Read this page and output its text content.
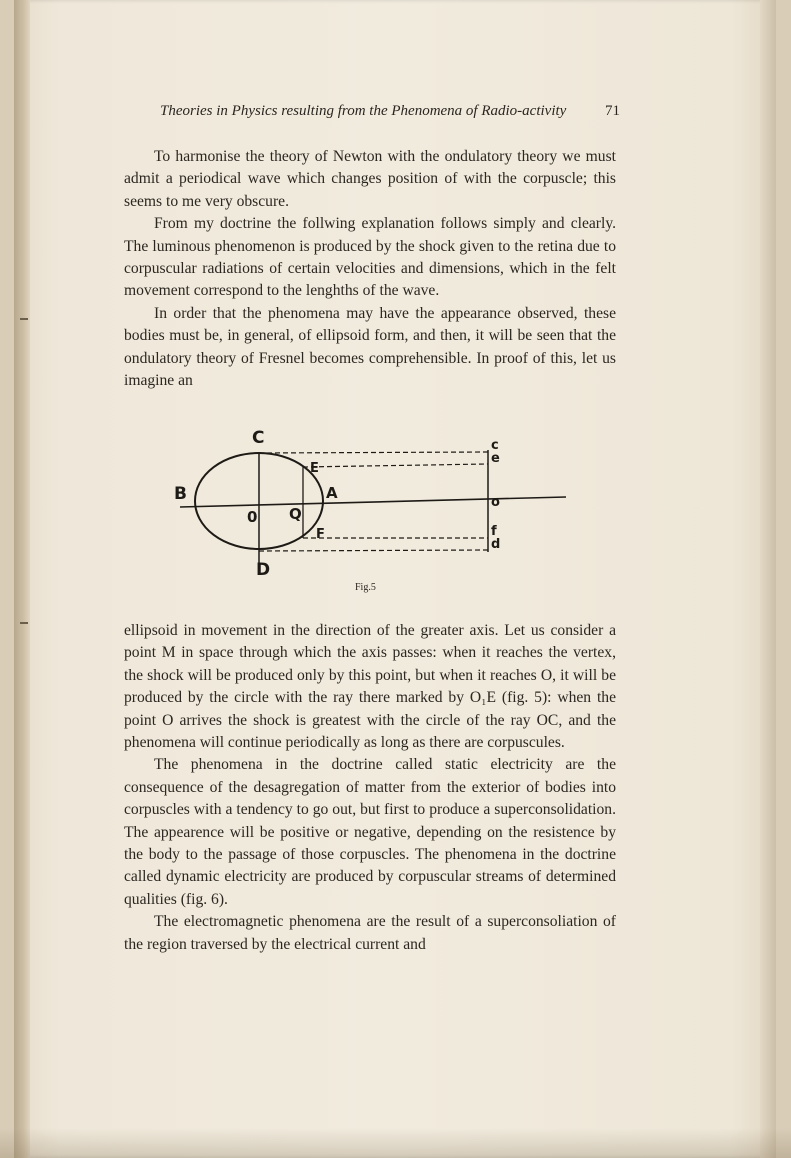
Theories in Physics resulting from the Phenomena of Radio-activity	71

To harmonise the theory of Newton with the ondulatory theory we must admit a periodical wave which changes position of with the corpuscle; this seems to me very obscure.

From my doctrine the follwing explanation follows simply and clearly. The luminous phenomenon is produced by the shock given to the retina due to corpuscular radiations of certain velocities and dimensions, which in the felt movement correspond to the lenghths of the wave.

In order that the phenomena may have the appearance observed, these bodies must be, in general, of ellipsoid form, and then, it will be seen that the ondulatory theory of Fresnel becomes comprehensible. In proof of this, let us imagine an

C
D
B
0 Q
A
E
F
c
e
o
f
d
Fig.5

ellipsoid in movement in the direction of the greater axis. Let us consider a point M in space through which the axis passes: when it reaches the vertex, the shock will be produced only by this point, but when it reaches O, it will be produced by the circle with the ray there marked by O₁E (fig. 5): when the point O arrives the shock is greatest with the circle of the ray OC, and the phenomena will continue periodically as long as there are corpuscules.

The phenomena in the doctrine called static electricity are the consequence of the desagregation of matter from the exterior of bodies into corpuscles with a tendency to go out, but first to produce a superconsolidation. The appearence will be positive or negative, depending on the resistence by the body to the passage of those corpuscles. The phenomena in the doctrine called dynamic electricity are produced by corpuscular streams of determined qualities (fig. 6).

The electromagnetic phenomena are the result of a superconsoliation of the region traversed by the electrical current and
